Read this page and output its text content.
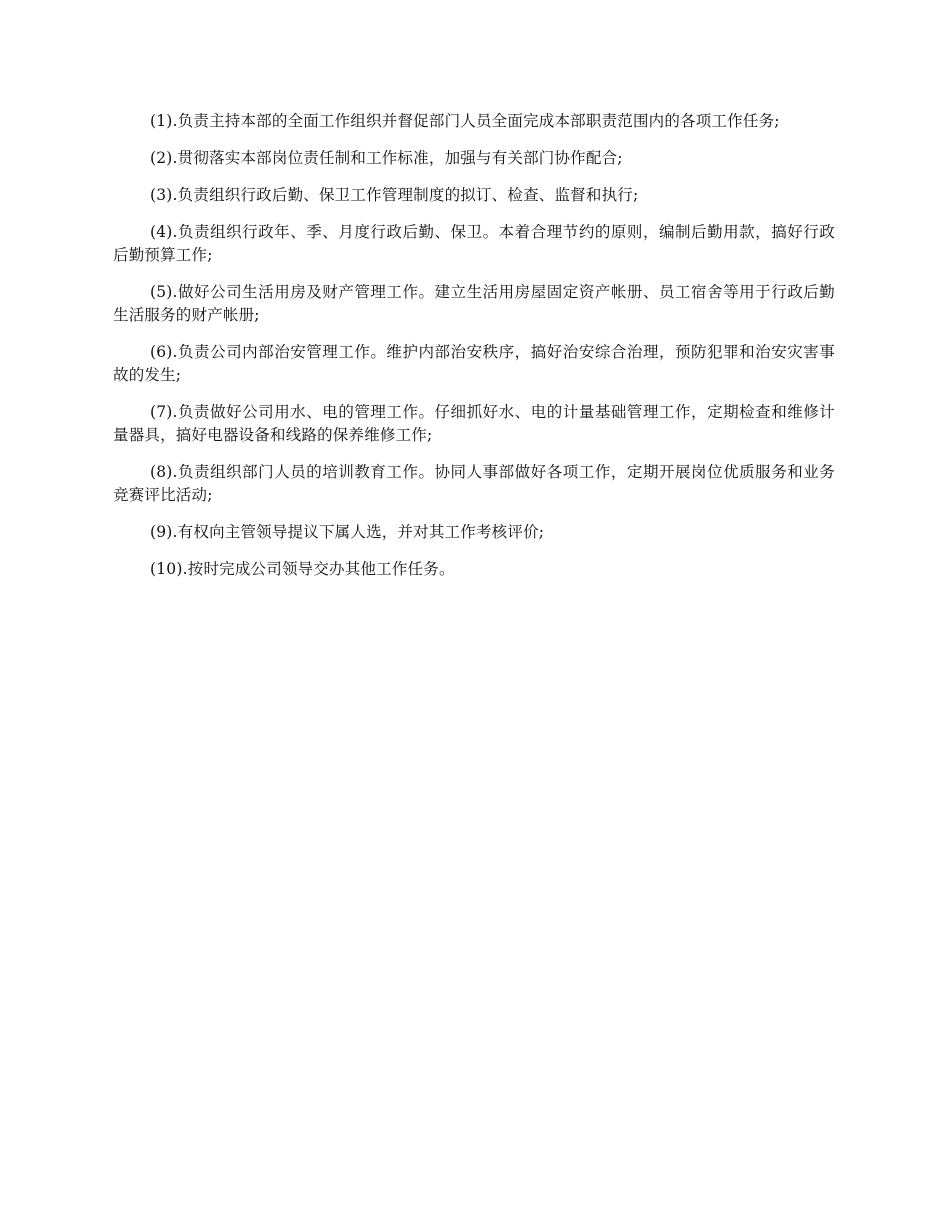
(1).负责主持本部的全面工作组织并督促部门人员全面完成本部职责范围内的各项工作任务;

(2).贯彻落实本部岗位责任制和工作标准，加强与有关部门协作配合;

(3).负责组织行政后勤、保卫工作管理制度的拟订、检查、监督和执行;

(4).负责组织行政年、季、月度行政后勤、保卫。本着合理节约的原则，编制后勤用款，搞好行政后勤预算工作;

(5).做好公司生活用房及财产管理工作。建立生活用房屋固定资产帐册、员工宿舍等用于行政后勤生活服务的财产帐册;

(6).负责公司内部治安管理工作。维护内部治安秩序，搞好治安综合治理，预防犯罪和治安灾害事故的发生;

(7).负责做好公司用水、电的管理工作。仔细抓好水、电的计量基础管理工作，定期检查和维修计量器具，搞好电器设备和线路的保养维修工作;

(8).负责组织部门人员的培训教育工作。协同人事部做好各项工作，定期开展岗位优质服务和业务竞赛评比活动;

(9).有权向主管领导提议下属人选，并对其工作考核评价;

(10).按时完成公司领导交办其他工作任务。
